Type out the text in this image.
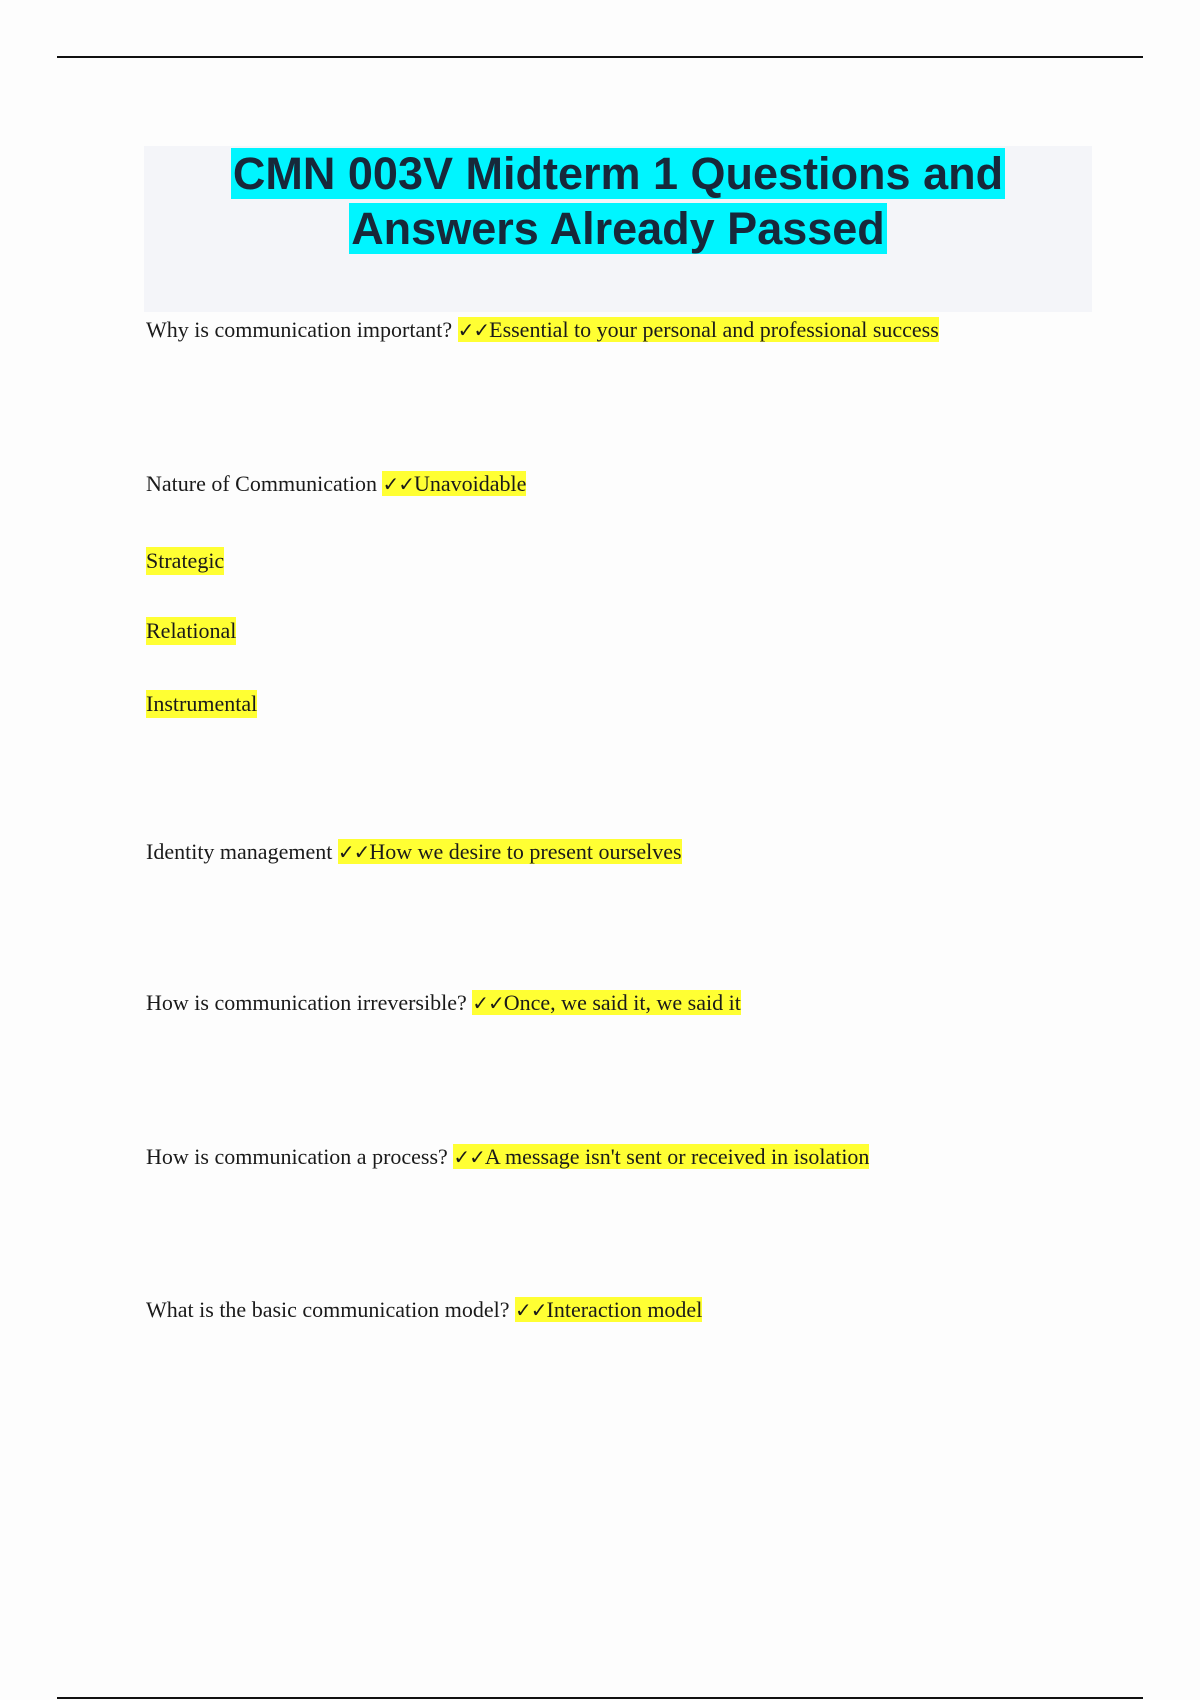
CMN 003V Midterm 1 Questions and
Answers Already Passed

Why is communication important? ✓✓Essential to your personal and professional success

Nature of Communication ✓✓Unavoidable

Strategic

Relational

Instrumental

Identity management ✓✓How we desire to present ourselves

How is communication irreversible? ✓✓Once, we said it, we said it

How is communication a process? ✓✓A message isn't sent or received in isolation

What is the basic communication model? ✓✓Interaction model
